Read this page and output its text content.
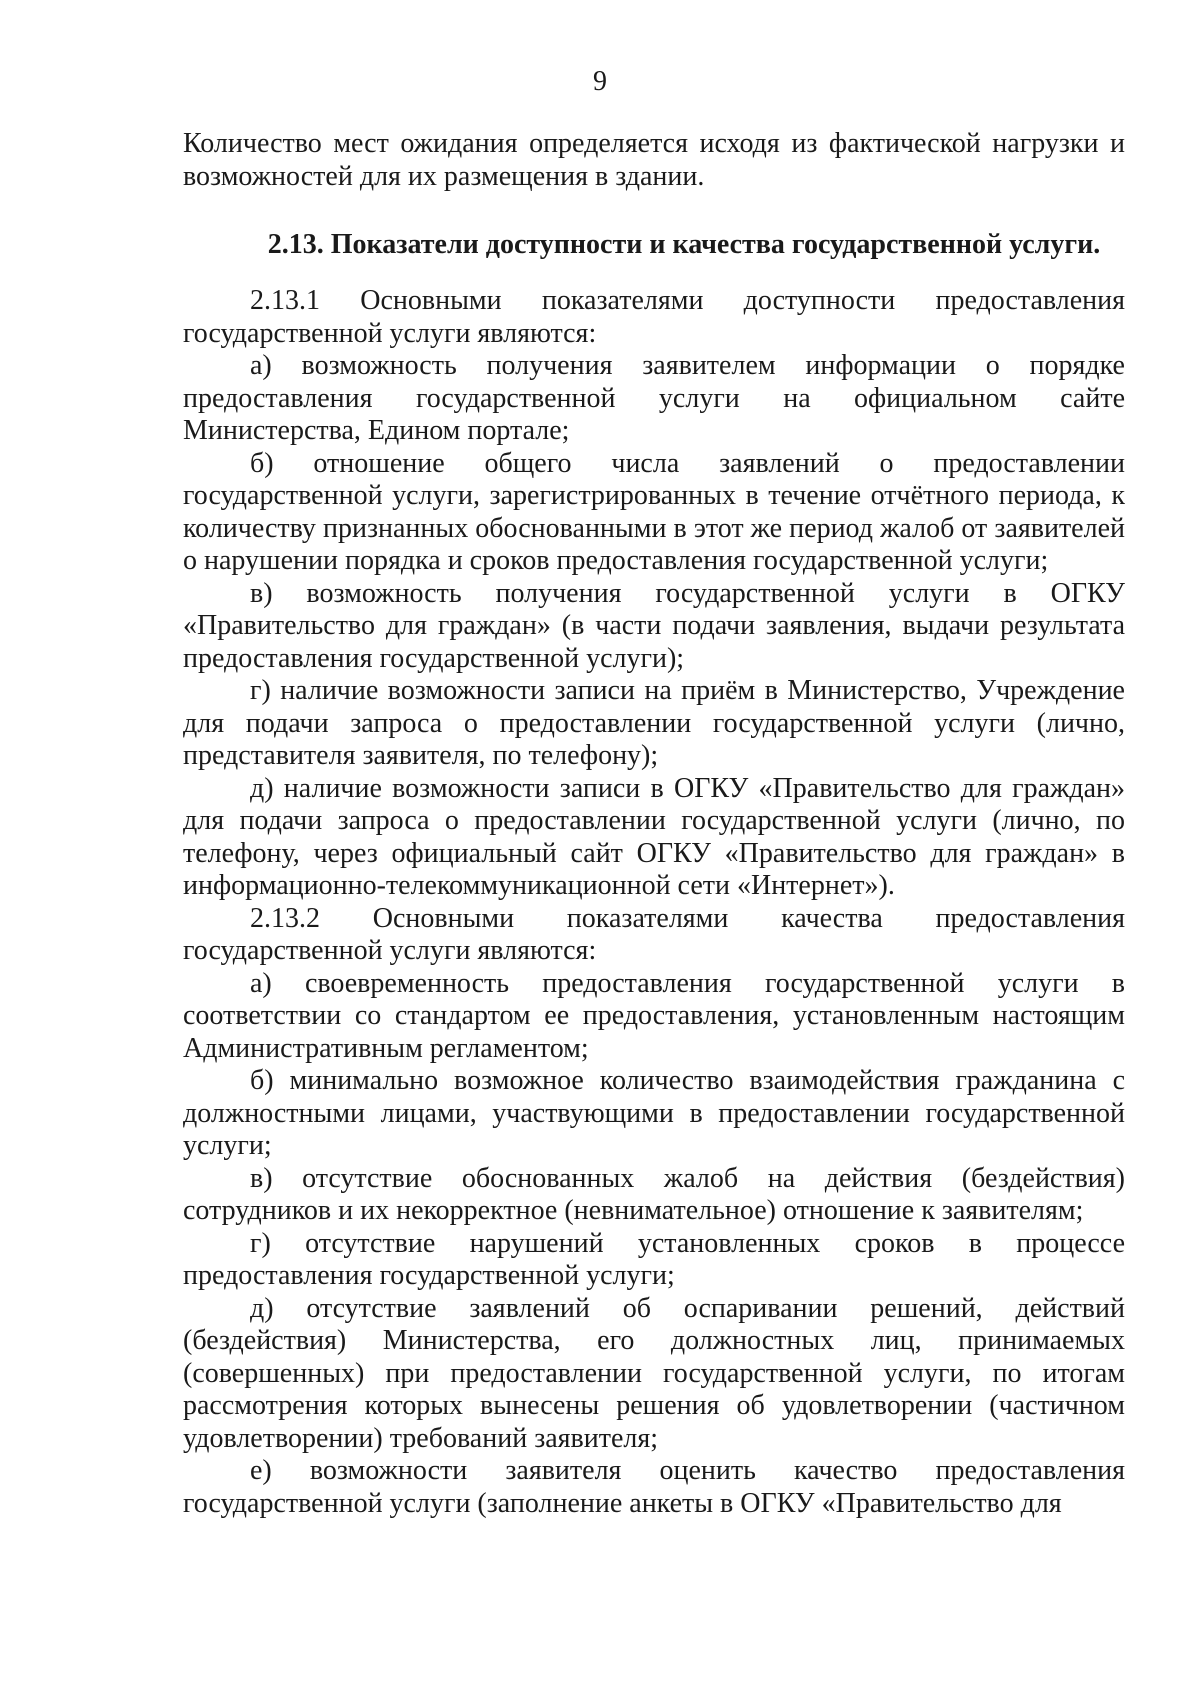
9

Количество мест ожидания определяется исходя из фактической нагрузки и возможностей для их размещения в здании.

2.13. Показатели доступности и качества государственной услуги.

2.13.1 Основными показателями доступности предоставления государственной услуги являются:

а) возможность получения заявителем информации о порядке предоставления государственной услуги на официальном сайте Министерства, Едином портале;

б) отношение общего числа заявлений о предоставлении государственной услуги, зарегистрированных в течение отчётного периода, к количеству признанных обоснованными в этот же период жалоб от заявителей о нарушении порядка и сроков предоставления государственной услуги;

в) возможность получения государственной услуги в ОГКУ «Правительство для граждан» (в части подачи заявления, выдачи результата предоставления государственной услуги);

г) наличие возможности записи на приём в Министерство, Учреждение для подачи запроса о предоставлении государственной услуги (лично, представителя заявителя, по телефону);

д) наличие возможности записи в ОГКУ «Правительство для граждан» для подачи запроса о предоставлении государственной услуги (лично, по телефону, через официальный сайт ОГКУ «Правительство для граждан» в информационно-телекоммуникационной сети «Интернет»).

2.13.2 Основными показателями качества предоставления государственной услуги являются:

а) своевременность предоставления государственной услуги в соответствии со стандартом ее предоставления, установленным настоящим Административным регламентом;

б) минимально возможное количество взаимодействия гражданина с должностными лицами, участвующими в предоставлении государственной услуги;

в) отсутствие обоснованных жалоб на действия (бездействия) сотрудников и их некорректное (невнимательное) отношение к заявителям;

г) отсутствие нарушений установленных сроков в процессе предоставления государственной услуги;

д) отсутствие заявлений об оспаривании решений, действий (бездействия) Министерства, его должностных лиц, принимаемых (совершенных) при предоставлении государственной услуги, по итогам рассмотрения которых вынесены решения об удовлетворении (частичном удовлетворении) требований заявителя;

е) возможности заявителя оценить качество предоставления государственной услуги (заполнение анкеты в ОГКУ «Правительство для
